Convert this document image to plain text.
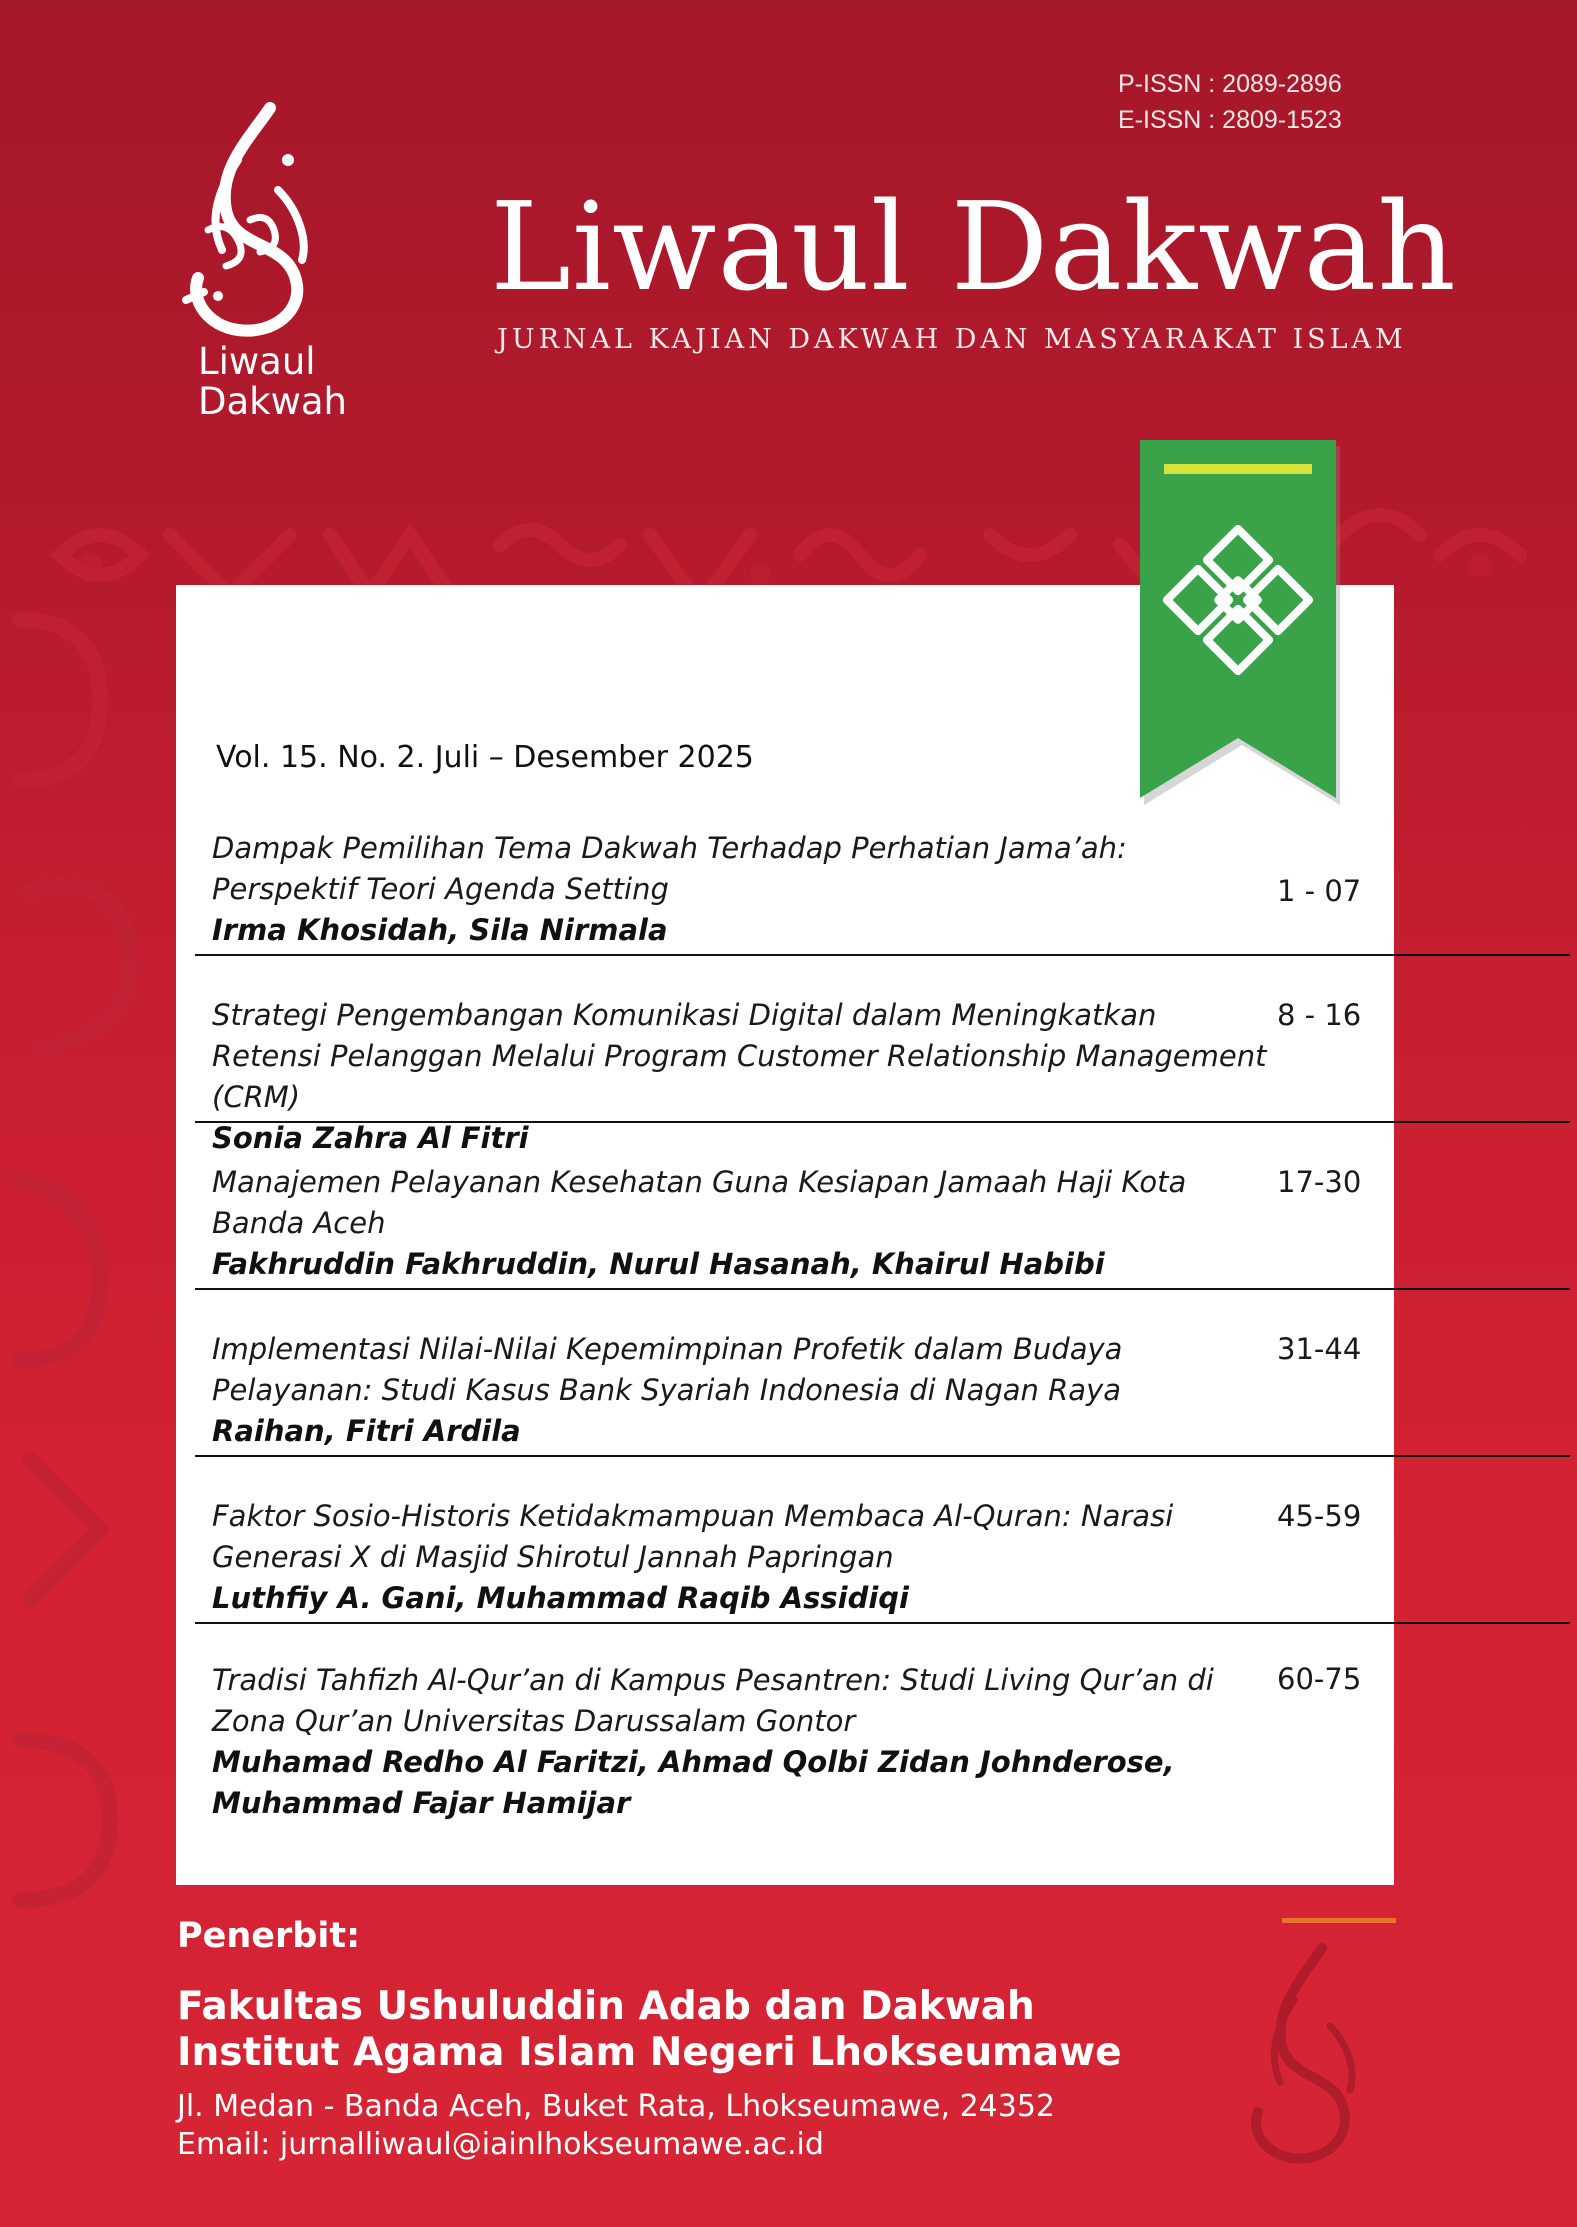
P-ISSN : 2089-2896
E-ISSN : 2809-1523
Liwaul
Dakwah
Liwaul Dakwah
JURNAL KAJIAN DAKWAH DAN MASYARAKAT ISLAM
Vol. 15. No. 2. Juli – Desember 2025
Dampak Pemilihan Tema Dakwah Terhadap Perhatian Jama’ah: Perspektif Teori Agenda Setting
Irma Khosidah, Sila Nirmala
1 - 07
Strategi Pengembangan Komunikasi Digital dalam Meningkatkan Retensi Pelanggan Melalui Program Customer Relationship Management (CRM)
Sonia Zahra Al Fitri
8 - 16
Manajemen Pelayanan Kesehatan Guna Kesiapan Jamaah Haji Kota Banda Aceh
Fakhruddin Fakhruddin, Nurul Hasanah, Khairul Habibi
17-30
Implementasi Nilai-Nilai Kepemimpinan Profetik dalam Budaya Pelayanan: Studi Kasus Bank Syariah Indonesia di Nagan Raya
Raihan, Fitri Ardila
31-44
Faktor Sosio-Historis Ketidakmampuan Membaca Al-Quran: Narasi Generasi X di Masjid Shirotul Jannah Papringan
Luthfiy A. Gani, Muhammad Raqib Assidiqi
45-59
Tradisi Tahfizh Al-Qur’an di Kampus Pesantren: Studi Living Qur’an di Zona Qur’an Universitas Darussalam Gontor
Muhamad Redho Al Faritzi, Ahmad Qolbi Zidan Johnderose, Muhammad Fajar Hamijar
60-75
Penerbit:
Fakultas Ushuluddin Adab dan Dakwah
Institut Agama Islam Negeri Lhokseumawe
Jl. Medan - Banda Aceh, Buket Rata, Lhokseumawe, 24352
Email: jurnalliwaul@iainlhokseumawe.ac.id
